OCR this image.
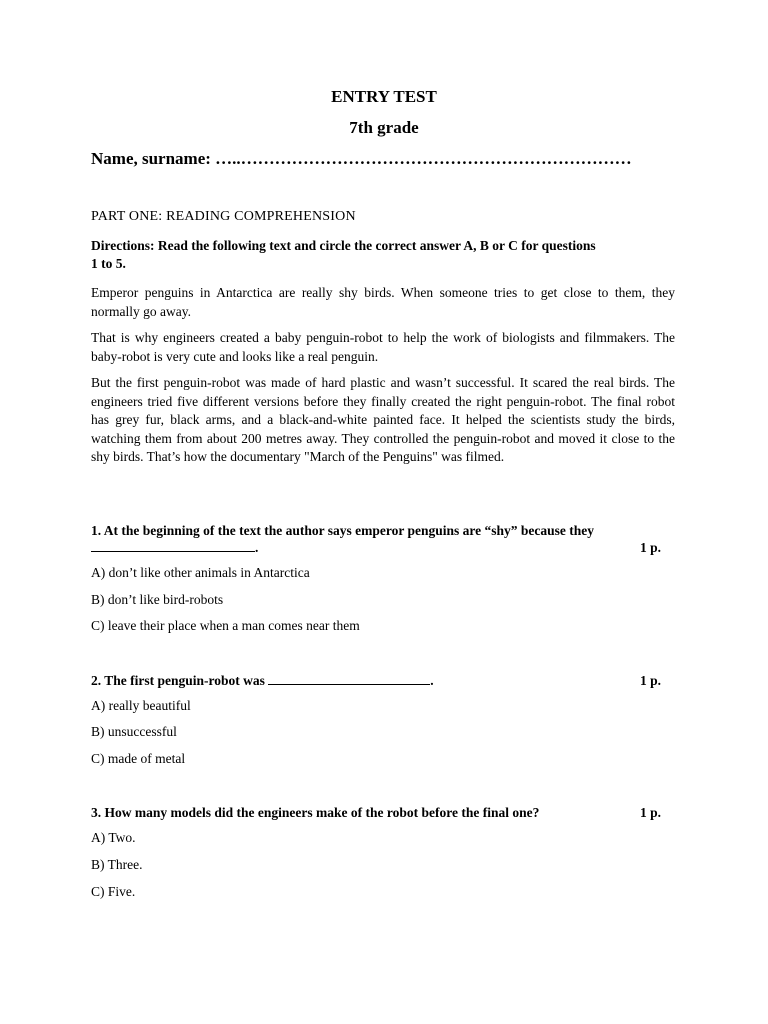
ENTRY TEST
7th grade
Name, surname: …..……………………………………………………………
PART ONE: READING COMPREHENSION
Directions: Read the following text and circle the correct answer A, B or C for questions
1 to 5.

Emperor penguins in Antarctica are really shy birds. When someone tries to get close to them, they normally go away.

That is why engineers created a baby penguin-robot to help the work of biologists and filmmakers. The baby-robot is very cute and looks like a real penguin.

But the first penguin-robot was made of hard plastic and wasn’t successful. It scared the real birds. The engineers tried five different versions before they finally created the right penguin-robot. The final robot has grey fur, black arms, and a black-and-white painted face. It helped the scientists study the birds, watching them from about 200 metres away. They controlled the penguin-robot and moved it close to the shy birds. That’s how the documentary "March of the Penguins" was filmed.

1. At the beginning of the text the author says emperor penguins are “shy” because they
.	1 p.
A) don’t like other animals in Antarctica
B) don’t like bird-robots
C) leave their place when a man comes near them
2. The first penguin-robot was	.	1 p.
A) really beautiful
B) unsuccessful
C) made of metal
3. How many models did the engineers make of the robot before the final one?	1 p.
A) Two.
B) Three.
C) Five.
